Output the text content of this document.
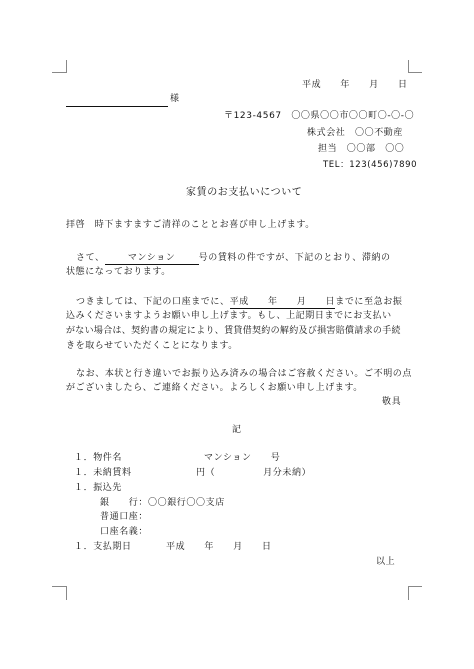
平成　　年　　月　　日
様
〒123-4567　〇〇県〇〇市〇〇町〇-〇-〇
株式会社　〇〇不動産
担当　〇〇部　〇〇
TEL：123(456)7890
家賃のお支払いについて
拝啓　時下ますますご清祥のこととお喜び申し上げます。
さて、	マンション	号の賃料の件ですが、下記のとおり、滞納の
状態になっております。
つきましては、下記の口座までに、平成　　年　　月　　日までに至急お振
込みくださいますようお願い申し上げます。もし、上記期日までにお支払い
がない場合は、契約書の規定により、賃貸借契約の解約及び損害賠償請求の手続
きを取らせていただくことになります。
なお、本状と行き違いでお振り込み済みの場合はご容赦ください。ご不明の点
がございましたら、ご連絡ください。よろしくお願い申し上げます。
敬具
記
１．物件名	マンション　　号
１．未納賃料	円（　　　　　月分未納）
１．振込先
銀　　行：〇〇銀行〇〇支店
普通口座：
口座名義：
１．支払期日	平成　　年　　月　　日
以上
